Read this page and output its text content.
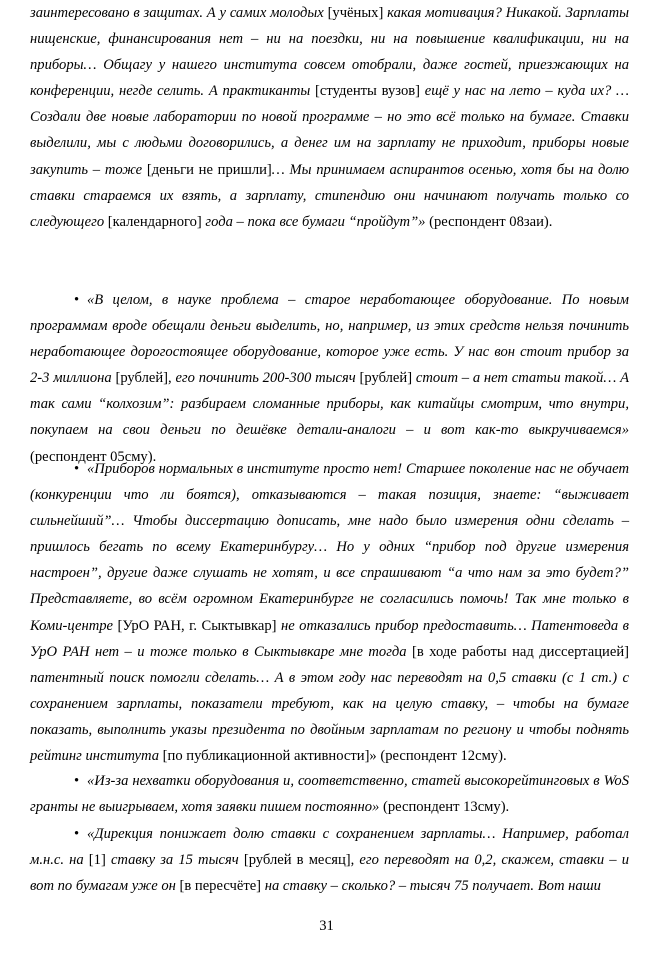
заинтересовано в защитах. А у самих молодых [учёных] какая мотивация? Никакой. Зарплаты нищенские, финансирования нет – ни на поездки, ни на повышение квалификации, ни на приборы… Общагу у нашего института совсем отобрали, даже гостей, приезжающих на конференции, негде селить. А практиканты [студенты вузов] ещё у нас на лето – куда их? … Создали две новые лаборатории по новой программе – но это всё только на бумаге. Ставки выделили, мы с людьми договорились, а денег им на зарплату не приходит, приборы новые закупить – тоже [деньги не пришли]… Мы принимаем аспирантов осенью, хотя бы на долю ставки стараемся их взять, а зарплату, стипендию они начинают получать только со следующего [календарного] года – пока все бумаги “пройдут”» (респондент 08заи).

• «В целом, в науке проблема – старое неработающее оборудование. По новым программам вроде обещали деньги выделить, но, например, из этих средств нельзя починить неработающее дорогостоящее оборудование, которое уже есть. У нас вон стоит прибор за 2-3 миллиона [рублей], его починить 200-300 тысяч [рублей] стоит – а нет статьи такой… А так сами “колхозим”: разбираем сломанные приборы, как китайцы смотрим, что внутри, покупаем на свои деньги по дешёвке детали-аналоги – и вот как-то выкручиваемся» (респондент 05сму).

• «Приборов нормальных в институте просто нет! Старшее поколение нас не обучает (конкуренции что ли боятся), отказываются – такая позиция, знаете: “выживает сильнейший”… Чтобы диссертацию дописать, мне надо было измерения одни сделать – пришлось бегать по всему Екатеринбургу… Но у одних “прибор под другие измерения настроен”, другие даже слушать не хотят, и все спрашивают “а что нам за это будет?” Представляете, во всём огромном Екатеринбурге не согласились помочь! Так мне только в Коми-центре [УрО РАН, г. Сыктывкар] не отказались прибор предоставить… Патентоведа в УрО РАН нет – и тоже только в Сыктывкаре мне тогда [в ходе работы над диссертацией] патентный поиск помогли сделать… А в этом году нас переводят на 0,5 ставки (с 1 ст.) с сохранением зарплаты, показатели требуют, как на целую ставку, – чтобы на бумаге показать, выполнить указы президента по двойным зарплатам по региону и чтобы поднять рейтинг института [по публикационной активности]» (респондент 12сму).

• «Из-за нехватки оборудования и, соответственно, статей высокорейтинговых в WoS гранты не выигрываем, хотя заявки пишем постоянно» (респондент 13сму).

• «Дирекция понижает долю ставки с сохранением зарплаты… Например, работал м.н.с. на [1] ставку за 15 тысяч [рублей в месяц], его переводят на 0,2, скажем, ставки – и вот по бумагам уже он [в пересчёте] на ставку – сколько? – тысяч 75 получает. Вот наши

31
